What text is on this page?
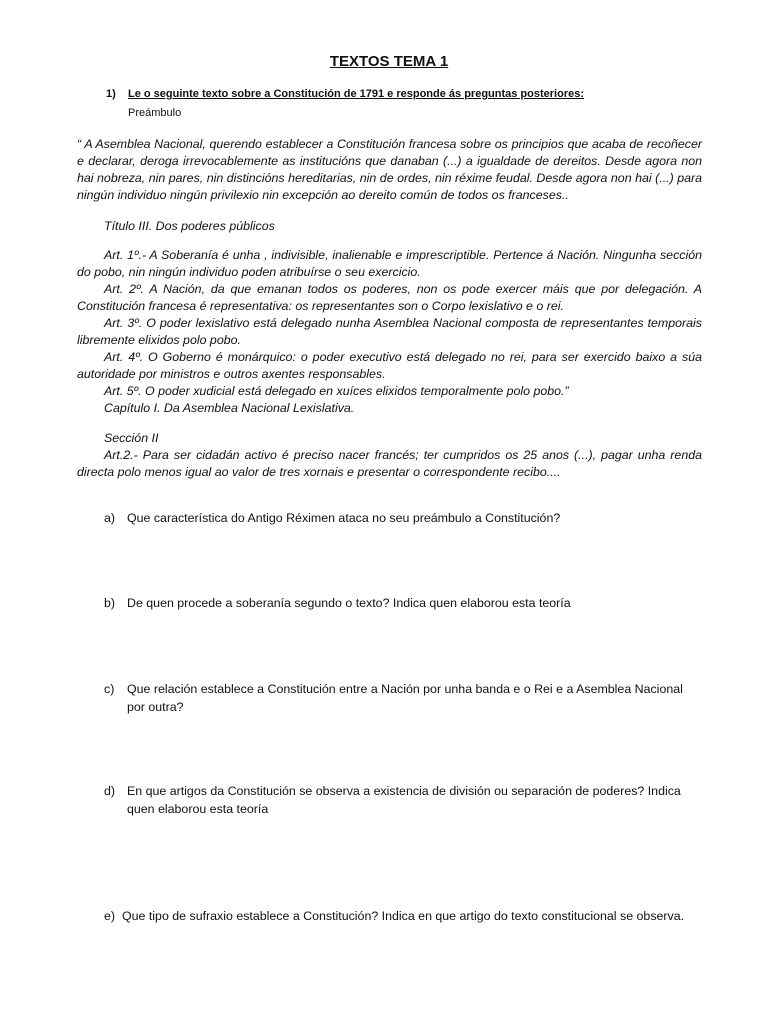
TEXTOS TEMA 1
1) Le o seguinte texto sobre a Constitución de 1791 e responde ás preguntas posteriores:
Preámbulo

“ A Asemblea Nacional, querendo establecer a Constitución francesa sobre os principios que acaba de recoñecer e declarar, deroga irrevocablemente as institucións que danaban (...) a igualdade de dereitos. Desde agora non hai nobreza, nin pares, nin distincións hereditarias, nin de ordes, nin réxime feudal. Desde agora non hai (...) para ningún individuo ningún privilexio nin excepción ao dereito común de todos os franceses..

Título III. Dos poderes públicos

Art. 1º.- A Soberanía é unha , indivisible, inalienable e imprescriptible. Pertence á Nación. Ningunha sección do pobo, nin ningún individuo poden atribuírse o seu exercicio.

Art. 2º. A Nación, da que emanan todos os poderes, non os pode exercer máis que por delegación. A Constitución francesa é representativa: os representantes son o Corpo lexislativo e o rei.

Art. 3º. O poder lexislativo está delegado nunha Asemblea Nacional composta de representantes temporais libremente elixidos polo pobo.

Art. 4º. O Goberno é monárquico: o poder executivo está delegado no rei, para ser exercido baixo a súa autoridade por ministros e outros axentes responsables.

Art. 5º. O poder xudicial está delegado en xuíces elixidos temporalmente polo pobo.”

Capítulo I. Da Asemblea Nacional Lexislativa.

Sección II

Art.2.- Para ser cidadán activo é preciso nacer francés; ter cumpridos os 25 anos (...), pagar unha renda directa polo menos igual ao valor de tres xornais e presentar o correspondente recibo....

a) Que característica do Antigo Réximen ataca no seu preámbulo a Constitución?
b) De quen procede a soberanía segundo o texto? Indica quen elaborou esta teoría
c) Que relación establece a Constitución entre a Nación por unha banda e o Rei e a Asemblea Nacional por outra?
d) En que artigos da Constitución se observa a existencia de división ou separación de poderes? Indica quen elaborou esta teoría
e) Que tipo de sufraxio establece a Constitución? Indica en que artigo do texto constitucional se observa.
